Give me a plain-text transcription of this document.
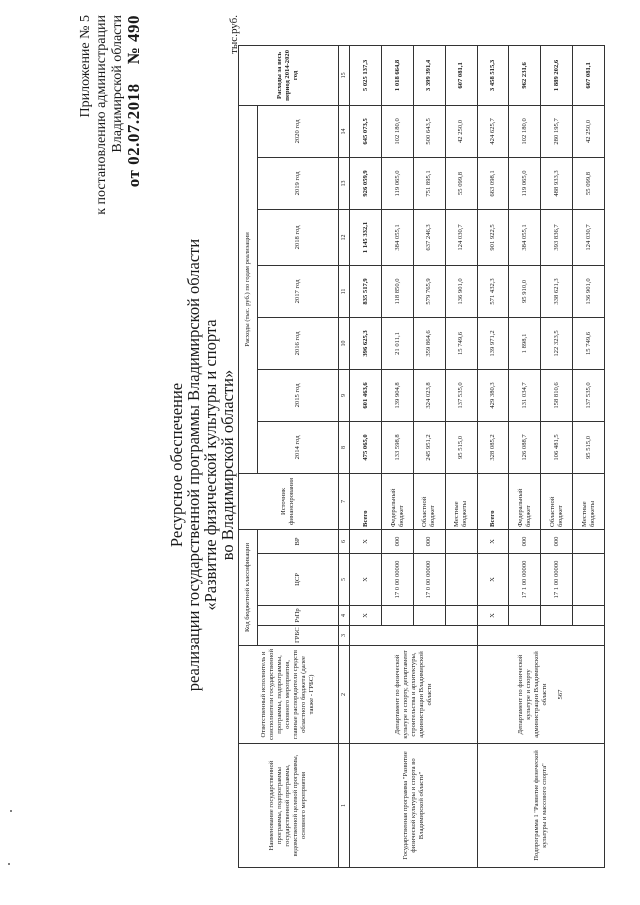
Приложение № 5 к постановлению администрации Владимирской области
от 02.07.2018    № 490
Ресурсное обеспечение
реализации государственной программы Владимирской области
«Развитие физической культуры и спорта
во Владимирской области»
тыс.руб.
Наименование государственной программы, подпрограммы государственной программы, ведомственной целевой программы, основного мероприятия	Ответственный исполнитель и соисполнители государственной программы, подпрограммы, основного мероприятия, главные распорядители средств областного бюджета (далее также - ГРБС)	Код бюджетной классификации				Источник финансирования	Расходы (тыс. руб.) по годам реализации							Расходы за весь период 2014-2020 год
		ГРБС	РзПр	ЦСР	ВР		2014 год	2015 год	2016 год	2017 год	2018 год	2019 год	2020 год	
1	2	3	4	5	6	7	8	9	10	11	12	13	14	15
Государственная программа "Развитие физической культуры и спорта во Владимирской области"	Департамент по физической культуре и спорту, департамент строительства и архитектуры, администрации Владимирской области		X	X	X	Всего	475 065,0	601 463,6	396 625,3	835 517,9	1 145 332,1	926 059,9	645 073,5	5 025 137,3
				17 0 00 00000	000	Федеральный бюджет	133 598,8	139 904,8	21 011,1	118 850,0	384 055,1	119 065,0	102 180,0	1 018 664,8
				17 0 00 00000	000	Областной бюджет	245 951,2	324 023,8	359 864,6	579 765,9	637 246,3	751 895,1	500 643,5	3 399 391,4
						Местные бюджеты	95 515,0	137 535,0	15 749,6	136 901,0	124 030,7	55 099,8	42 250,0	607 081,1
Подпрограмма 1 "Развитие физической культуры и массового спорта"	Департамент по физической культуре и спорту администрации Владимирской области 567		X	X	X	Всего	328 085,2	429 380,3	139 971,2	571 432,3	901 922,5	663 098,1	424 625,7	3 458 515,3
				17 1 00 00000	000	Федеральный бюджет	126 088,7	131 034,7	1 898,1	95 910,0	384 055,1	119 065,0	102 180,0	962 231,6
				17 1 00 00000	000	Областной бюджет	106 481,5	158 810,6	122 323,5	338 621,3	393 836,7	488 933,3	280 195,7	1 889 202,6
						Местные бюджеты	95 515,0	137 535,0	15 749,6	136 901,0	124 030,7	55 099,8	42 250,0	607 081,1
